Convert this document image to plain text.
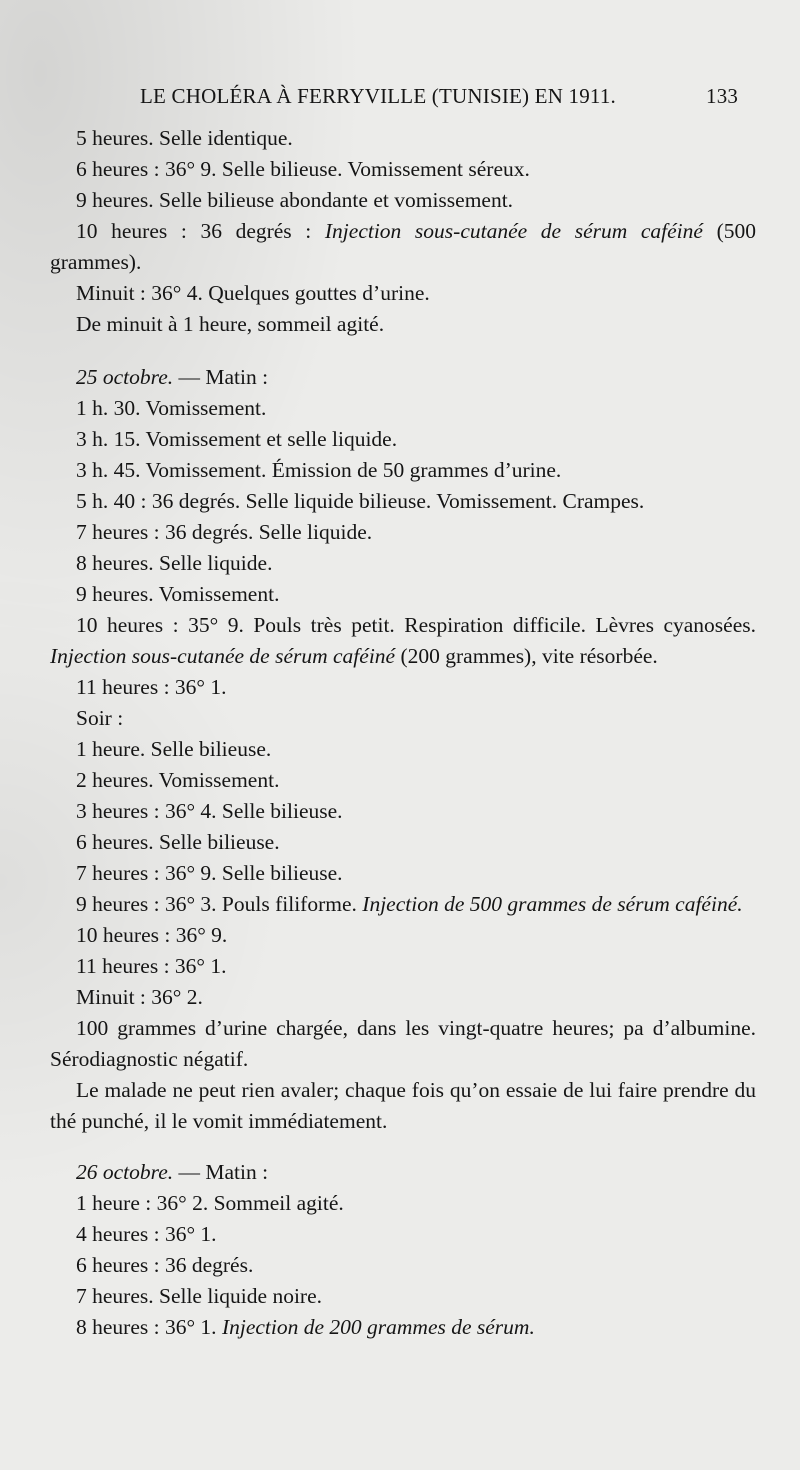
LE CHOLÉRA À FERRYVILLE (TUNISIE) EN 1911.	133

5 heures. Selle identique.

6 heures : 36° 9. Selle bilieuse. Vomissement séreux.

9 heures. Selle bilieuse abondante et vomissement.

10 heures : 36 degrés : Injection sous-cutanée de sérum caféiné (500 grammes).

Minuit : 36° 4. Quelques gouttes d’urine.

De minuit à 1 heure, sommeil agité.

25 octobre. — Matin :

1 h. 30. Vomissement.

3 h. 15. Vomissement et selle liquide.

3 h. 45. Vomissement. Émission de 50 grammes d’urine.

5 h. 40 : 36 degrés. Selle liquide bilieuse. Vomissement. Crampes.

7 heures : 36 degrés. Selle liquide.

8 heures. Selle liquide.

9 heures. Vomissement.

10 heures : 35° 9. Pouls très petit. Respiration difficile. Lèvres cyanosées. Injection sous-cutanée de sérum caféiné (200 grammes), vite résorbée.

11 heures : 36° 1.

Soir :

1 heure. Selle bilieuse.

2 heures. Vomissement.

3 heures : 36° 4. Selle bilieuse.

6 heures. Selle bilieuse.

7 heures : 36° 9. Selle bilieuse.

9 heures : 36° 3. Pouls filiforme. Injection de 500 grammes de sérum caféiné.

10 heures : 36° 9.

11 heures : 36° 1.

Minuit : 36° 2.

100 grammes d’urine chargée, dans les vingt-quatre heures; pa d’albumine. Sérodiagnostic négatif.

Le malade ne peut rien avaler; chaque fois qu’on essaie de lui faire prendre du thé punché, il le vomit immédiatement.

26 octobre. — Matin :

1 heure : 36° 2. Sommeil agité.

4 heures : 36° 1.

6 heures : 36 degrés.

7 heures. Selle liquide noire.

8 heures : 36° 1. Injection de 200 grammes de sérum.
